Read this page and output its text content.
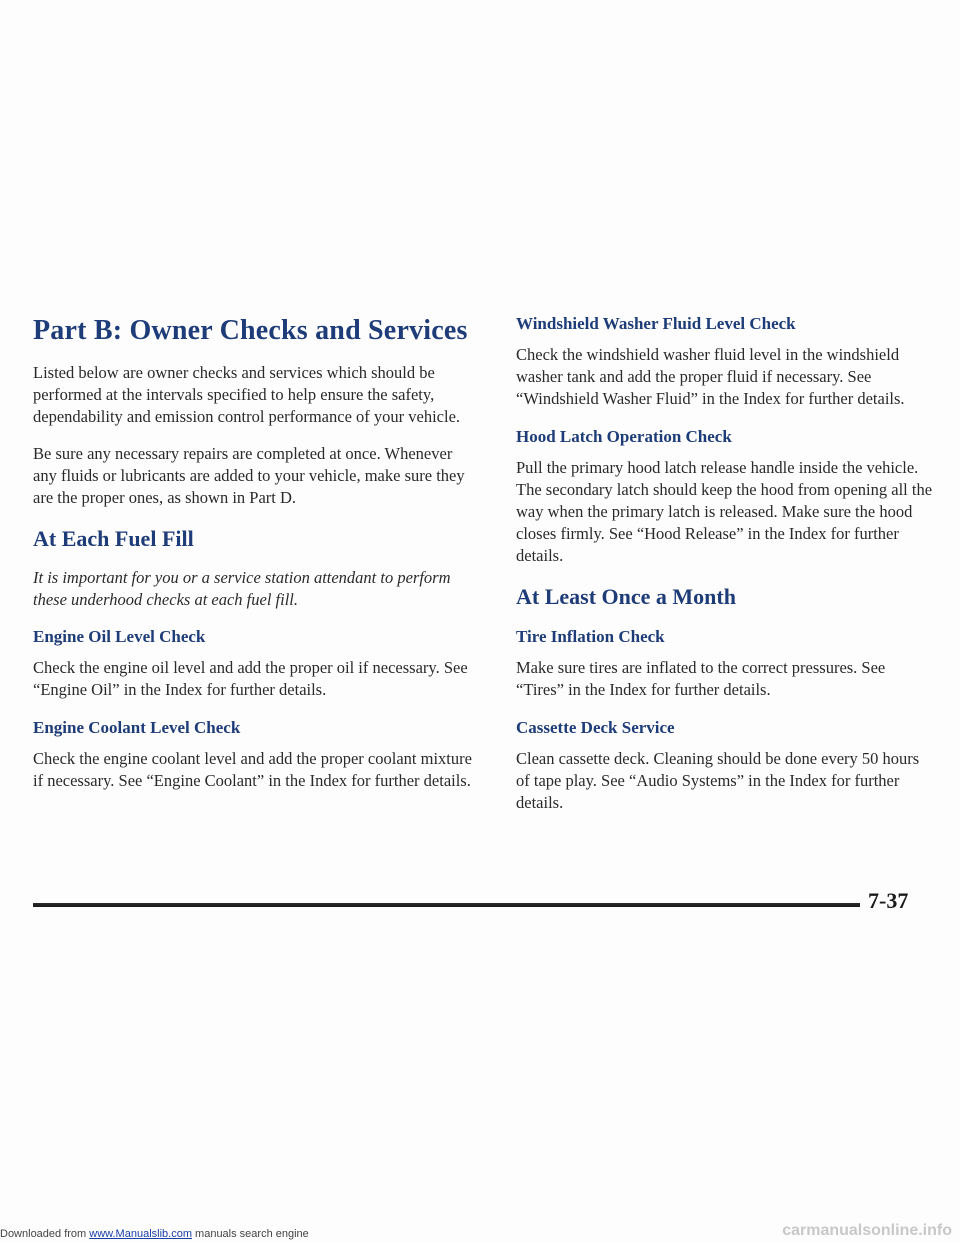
Part B: Owner Checks and Services

Listed below are owner checks and services which should be performed at the intervals specified to help ensure the safety, dependability and emission control performance of your vehicle.

Be sure any necessary repairs are completed at once. Whenever any fluids or lubricants are added to your vehicle, make sure they are the proper ones, as shown in Part D.

At Each Fuel Fill

It is important for you or a service station attendant to perform these underhood checks at each fuel fill.

Engine Oil Level Check

Check the engine oil level and add the proper oil if necessary. See “Engine Oil” in the Index for further details.

Engine Coolant Level Check

Check the engine coolant level and add the proper coolant mixture if necessary. See “Engine Coolant” in the Index for further details.

Windshield Washer Fluid Level Check

Check the windshield washer fluid level in the windshield washer tank and add the proper fluid if necessary. See “Windshield Washer Fluid” in the Index for further details.

Hood Latch Operation Check

Pull the primary hood latch release handle inside the vehicle. The secondary latch should keep the hood from opening all the way when the primary latch is released. Make sure the hood closes firmly. See “Hood Release” in the Index for further details.

At Least Once a Month
Tire Inflation Check

Make sure tires are inflated to the correct pressures. See “Tires” in the Index for further details.

Cassette Deck Service

Clean cassette deck. Cleaning should be done every 50 hours of tape play. See “Audio Systems” in the Index for further details.

7-37
Downloaded from www.Manualslib.com manuals search engine	carmanualsonline.info
